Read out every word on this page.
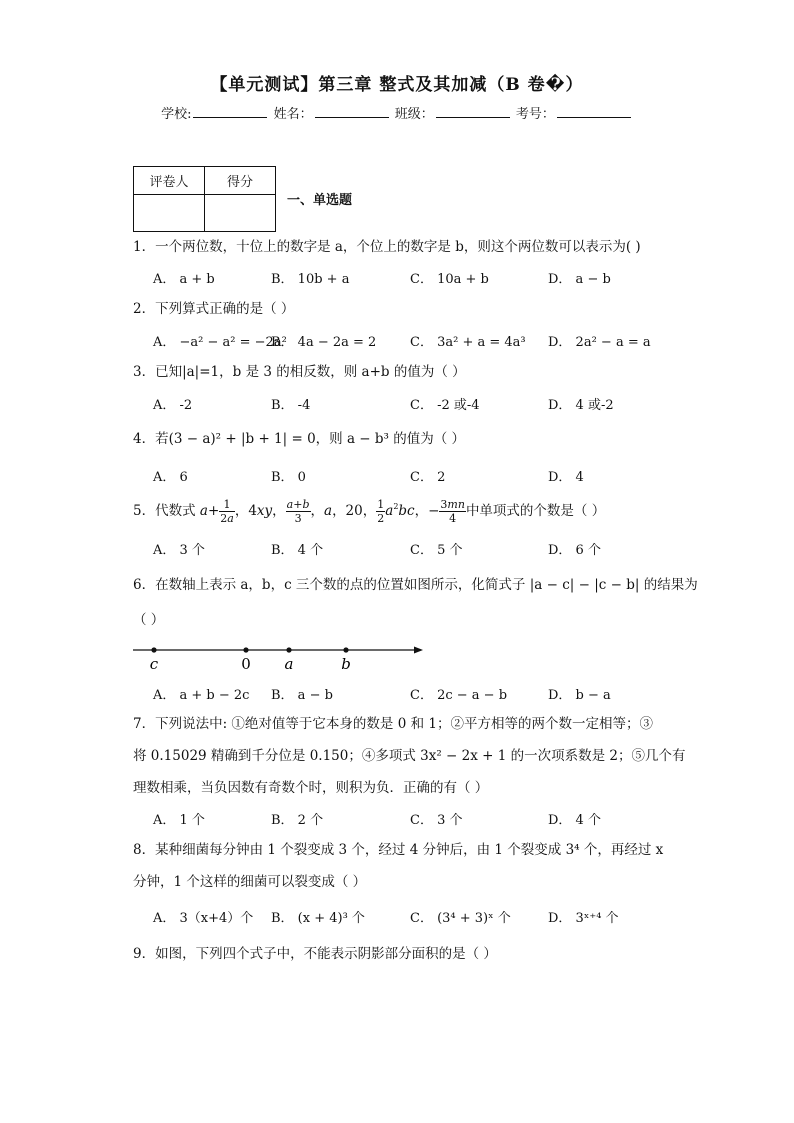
【单元测试】第三章 整式及其加减（B 卷�）
学校:	姓名：	班级：	考号：
评卷人	得分

一、单选题
1．一个两位数，十位上的数字是 a，个位上的数字是 b，则这个两位数可以表示为( )
A． a + b	B． 10b + a	C． 10a + b	D． a − b
2．下列算式正确的是（ ）
A． −a² − a² = −2a²
B． 4a − 2a = 2	C． 3a² + a = 4a³ D． 2a² − a = a
3．已知|a|=1，b 是 3 的相反数，则 a+b 的值为（ ）
A． -2	B． -4	C． -2 或-4	D． 4 或-2
4．若(3 − a)² + |b + 1| = 0，则 a − b³ 的值为（ ）
A． 6	B． 0	C． 2	D． 4
5．代数式 $a+ \frac{1}{2a}$ ，4xy， $\frac{a+b}{3}$ ，a，20， $\frac{1}{2} a^2bc$，− $\frac{3mn}{4}$ 中单项式的个数是（ ）
A． 3 个	B． 4 个	C． 5 个	D． 6 个
6．在数轴上表示 a，b，c 三个数的点的位置如图所示，化简式子 |a − c| − |c − b| 的结果为
（ ）
c	0 a	b
A． a + b − 2c B． a − b	C． 2c − a − b	D． b − a
7．下列说法中: ①绝对值等于它本身的数是 0 和 1；②平方相等的两个数一定相等；③
将 0.15029 精确到千分位是 0.150；④多项式 3x² − 2x + 1 的一次项系数是 2；⑤几个有
理数相乘，当负因数有奇数个时，则积为负．正确的有（ ）
A． 1 个	B． 2 个	C． 3 个	D． 4 个
8．某种细菌每分钟由 1 个裂变成 3 个，经过 4 分钟后，由 1 个裂变成 3⁴ 个，再经过 x
分钟，1 个这样的细菌可以裂变成（ ）
A． 3（x+4）个 B． (x + 4)³ 个	C． (3⁴ + 3)ˣ 个	D． 3ˣ⁺⁴ 个
9．如图，下列四个式子中，不能表示阴影部分面积的是（ ）
